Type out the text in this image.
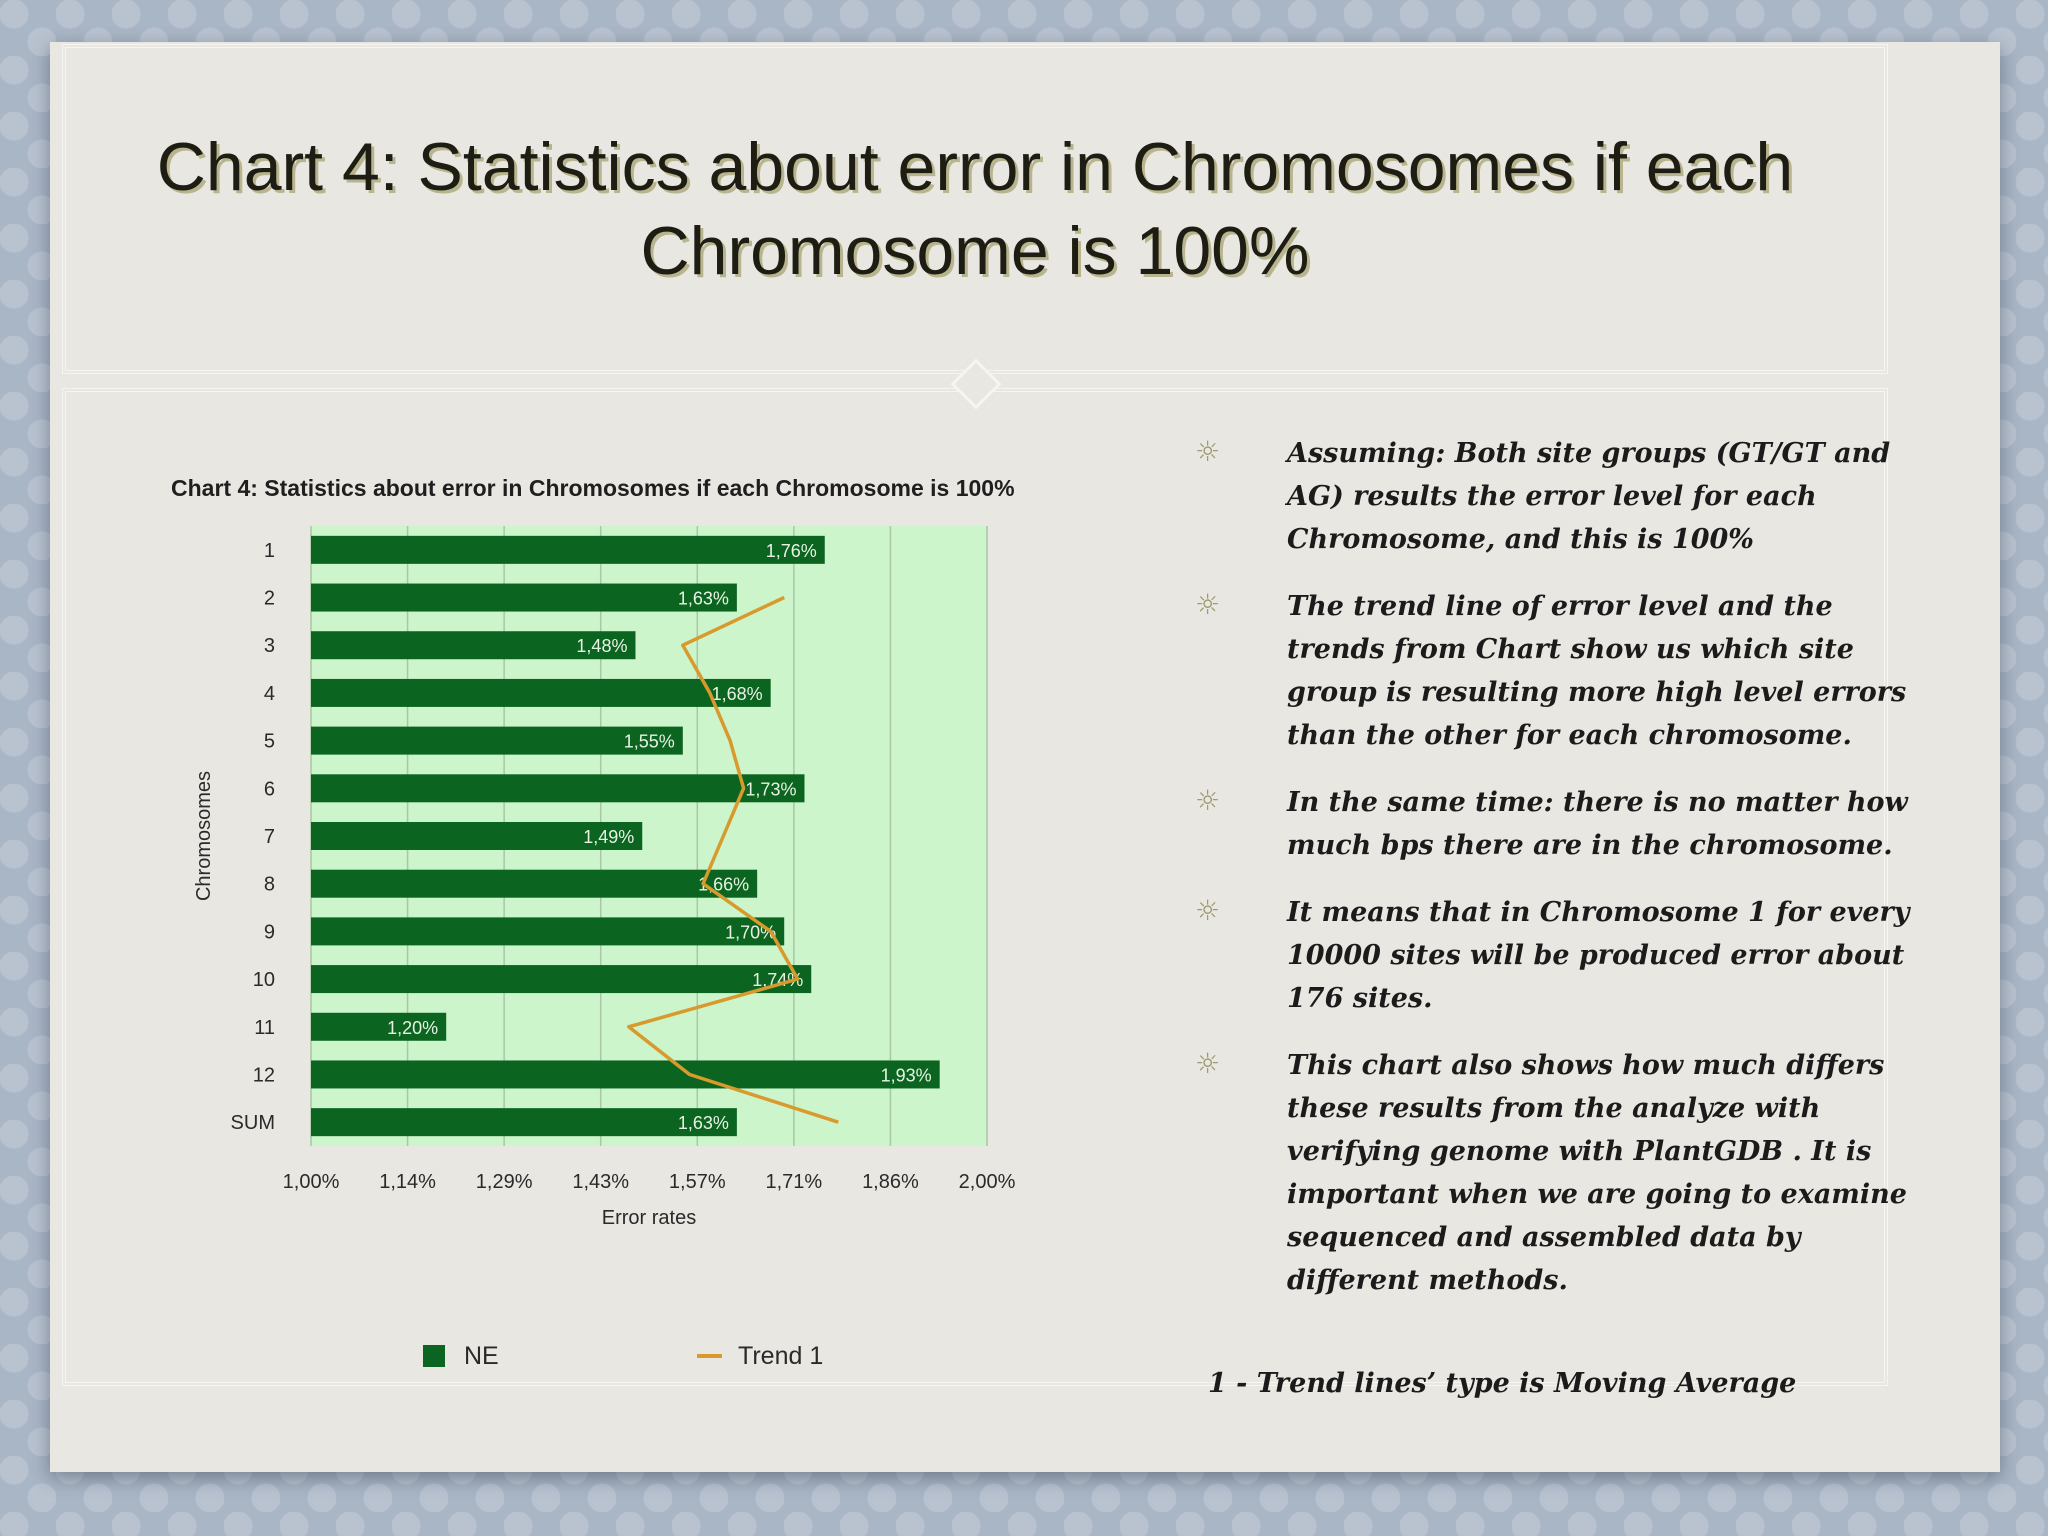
Chart 4: Statistics about error in Chromosomes if each Chromosome is 100%
Chart 4: Statistics about error in Chromosomes if each Chromosome is 100%
1,00% 1,14% 1,29% 1,43% 1,57% 1,71% 1,86% 2,00%
1	1,76%
2	1,63%
3	1,48%
4	1,68%
5	1,55%
6	1,73%
7	1,49%
8	1,66%
9	1,70%
10	1,74%
11	1,20%
12	1,93%
SUM	1,63%
Error rates
Chromosomes
NE	Trend 1
☼ Assuming: Both site groups (GT/GT and AG) results the error level for each Chromosome, and this is 100%
☼ The trend line of error level and the trends from Chart show us which site group is resulting more high level errors than the other for each chromosome.
☼ In the same time: there is no matter how much bps there are in the chromosome.
☼ It means that in Chromosome 1 for every 10000 sites will be produced error about 176 sites.
☼ This chart also shows how much differs these results from the analyze with verifying genome with PlantGDB . It is important when we are going to examine sequenced and assembled data by different methods.
1 - Trend lines’ type is Moving Average
